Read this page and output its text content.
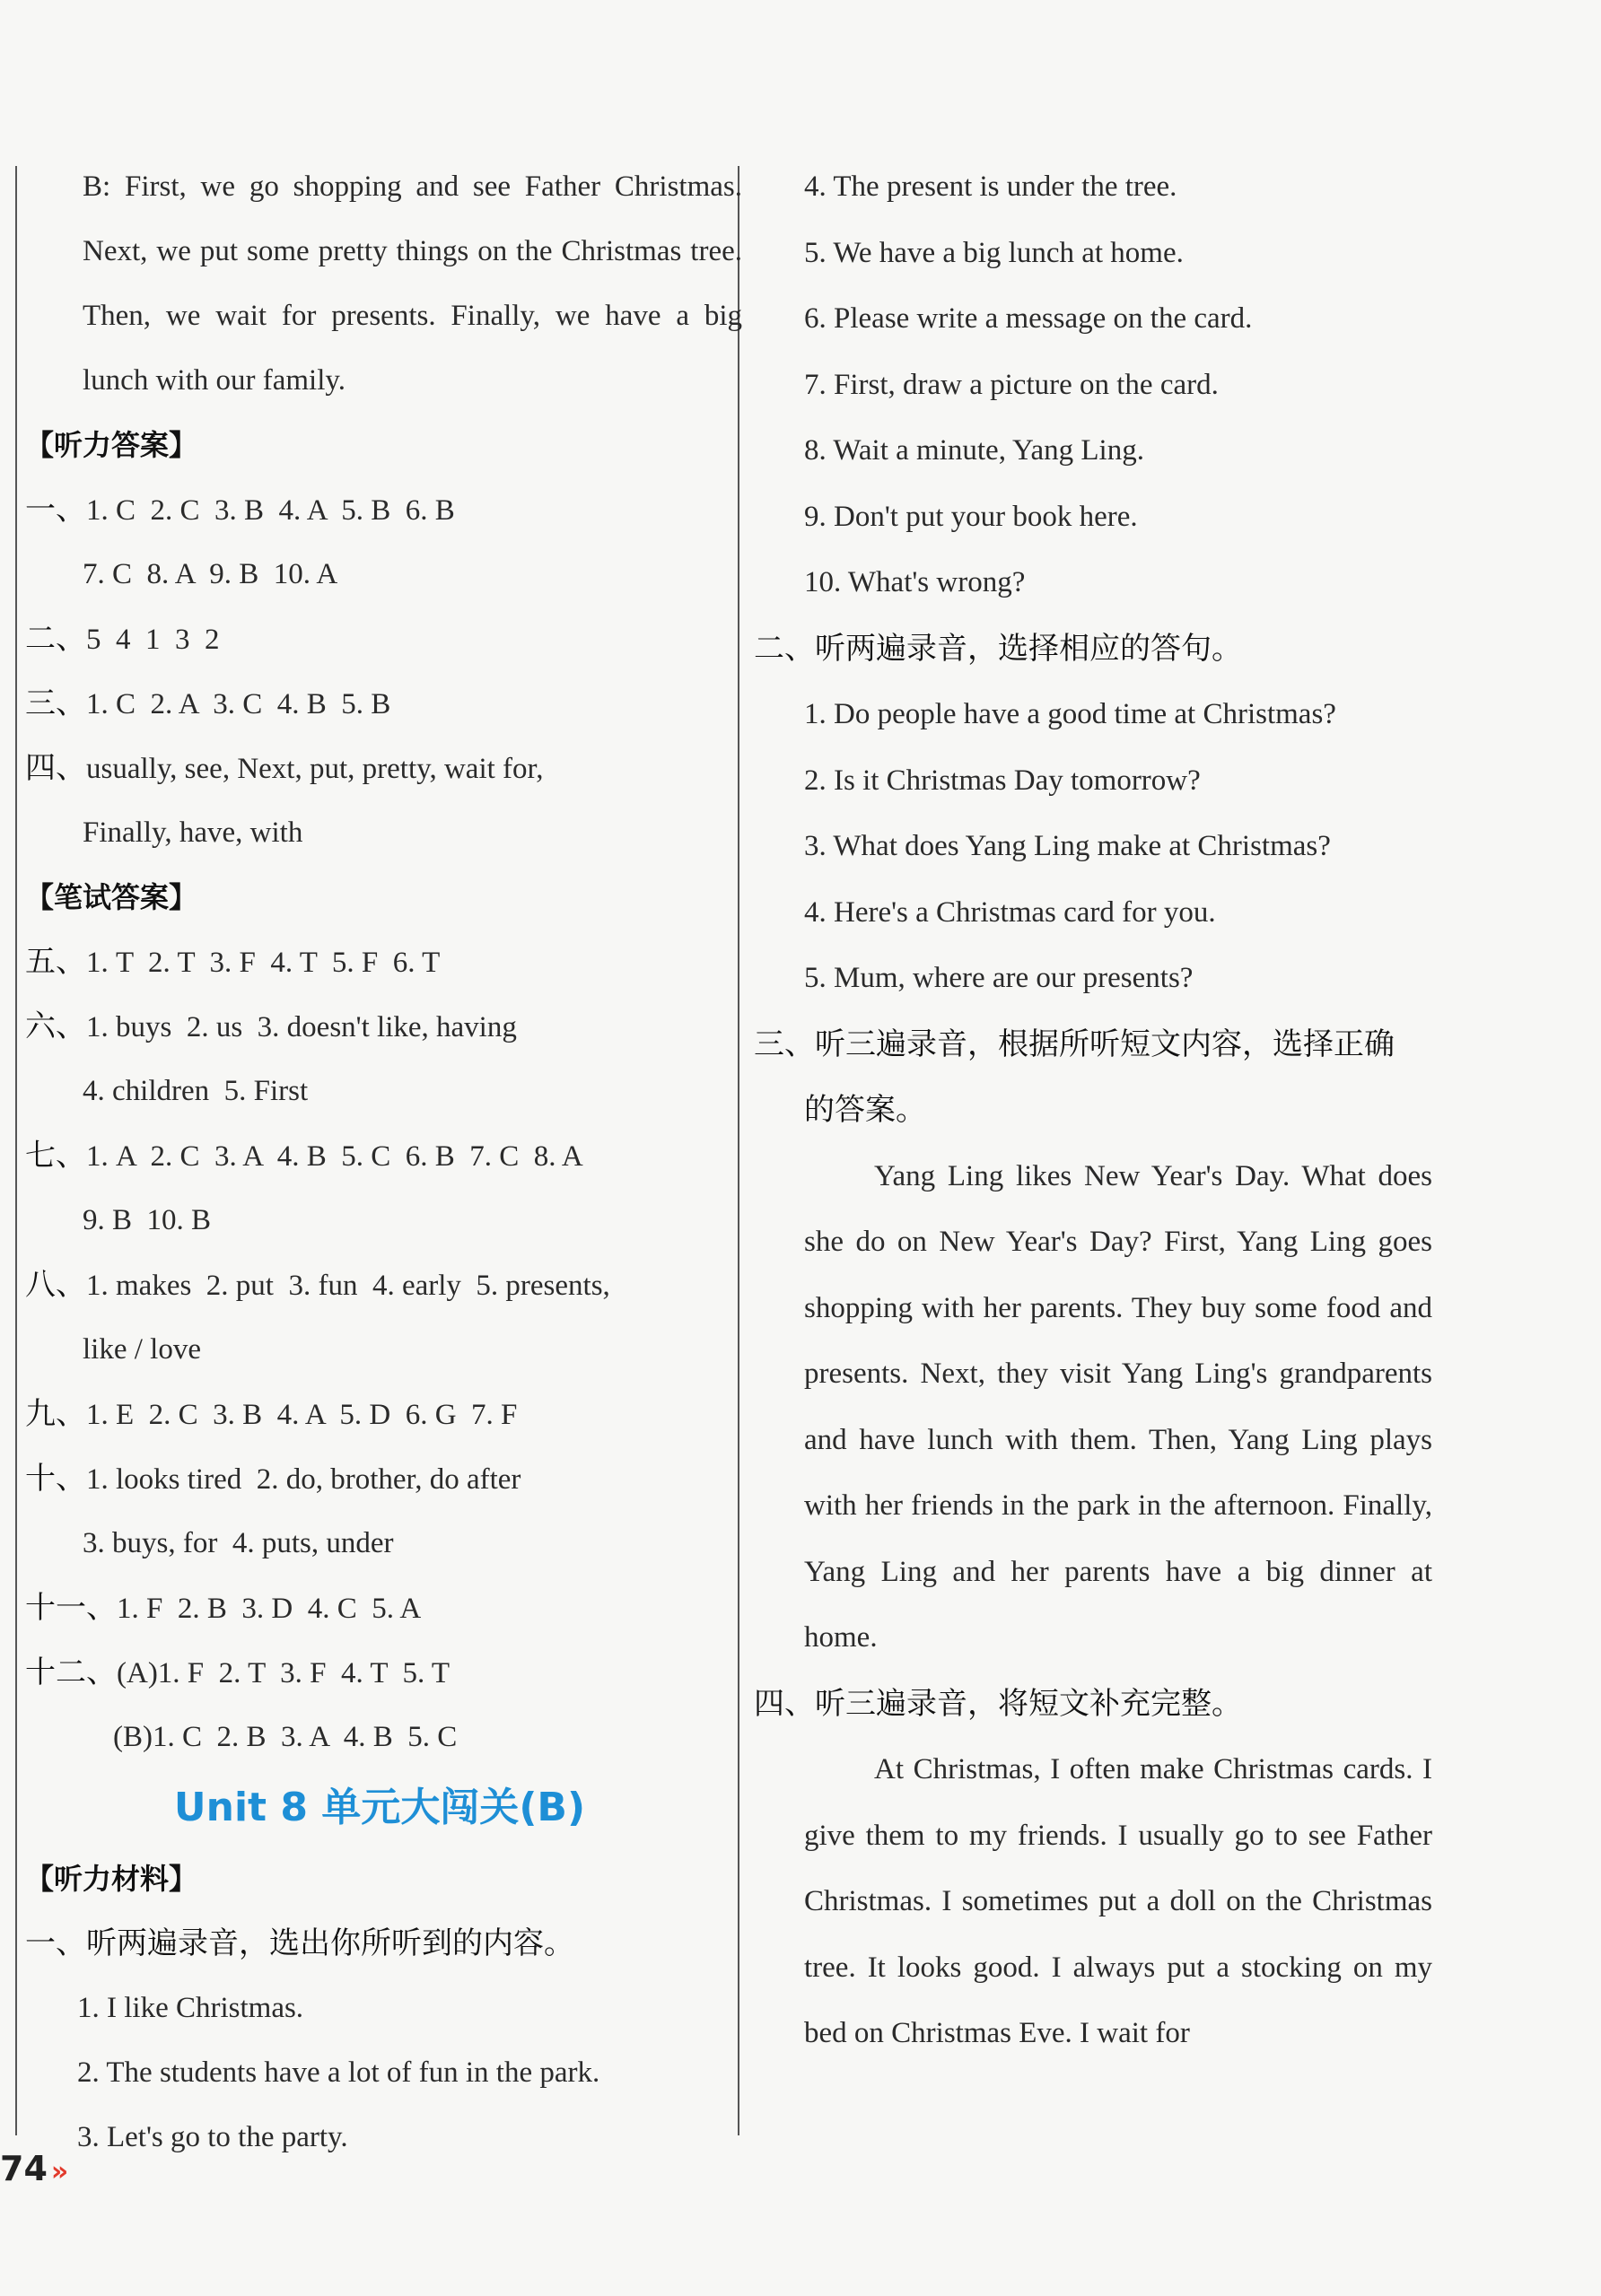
B: First, we go shopping and see Father Christmas. Next, we put some pretty things on the Christmas tree. Then, we wait for presents. Finally, we have a big lunch with our family.
【听力答案】
一、1. C  2. C  3. B  4. A  5. B  6. B
7. C  8. A  9. B  10. A
二、5  4  1  3  2
三、1. C  2. A  3. C  4. B  5. B
四、usually, see, Next, put, pretty, wait for,
Finally, have, with
【笔试答案】
五、1. T  2. T  3. F  4. T  5. F  6. T
六、1. buys  2. us  3. doesn't like, having
4. children  5. First
七、1. A  2. C  3. A  4. B  5. C  6. B  7. C  8. A
9. B  10. B
八、1. makes  2. put  3. fun  4. early  5. presents,
like / love
九、1. E  2. C  3. B  4. A  5. D  6. G  7. F
十、1. looks tired  2. do, brother, do after
3. buys, for  4. puts, under
十一、1. F  2. B  3. D  4. C  5. A
十二、(A)1. F  2. T  3. F  4. T  5. T
(B)1. C  2. B  3. A  4. B  5. C
Unit 8 单元大闯关(B)
【听力材料】
一、听两遍录音，选出你所听到的内容。
1. I like Christmas.
2. The students have a lot of fun in the park.
3. Let's go to the party.
4. The present is under the tree.
5. We have a big lunch at home.
6. Please write a message on the card.
7. First, draw a picture on the card.
8. Wait a minute, Yang Ling.
9. Don't put your book here.
10. What's wrong?
二、听两遍录音，选择相应的答句。
1. Do people have a good time at Christmas?
2. Is it Christmas Day tomorrow?
3. What does Yang Ling make at Christmas?
4. Here's a Christmas card for you.
5. Mum, where are our presents?
三、听三遍录音，根据所听短文内容，选择正确
的答案。
Yang Ling likes New Year's Day. What does she do on New Year's Day? First, Yang Ling goes shopping with her parents. They buy some food and presents. Next, they visit Yang Ling's grandparents and have lunch with them. Then, Yang Ling plays with her friends in the park in the afternoon. Finally, Yang Ling and her parents have a big dinner at home.
四、听三遍录音，将短文补充完整。
At Christmas, I often make Christmas cards. I give them to my friends. I usually go to see Father Christmas. I sometimes put a doll on the Christmas tree. It looks good. I always put a stocking on my bed on Christmas Eve. I wait for
74 »
